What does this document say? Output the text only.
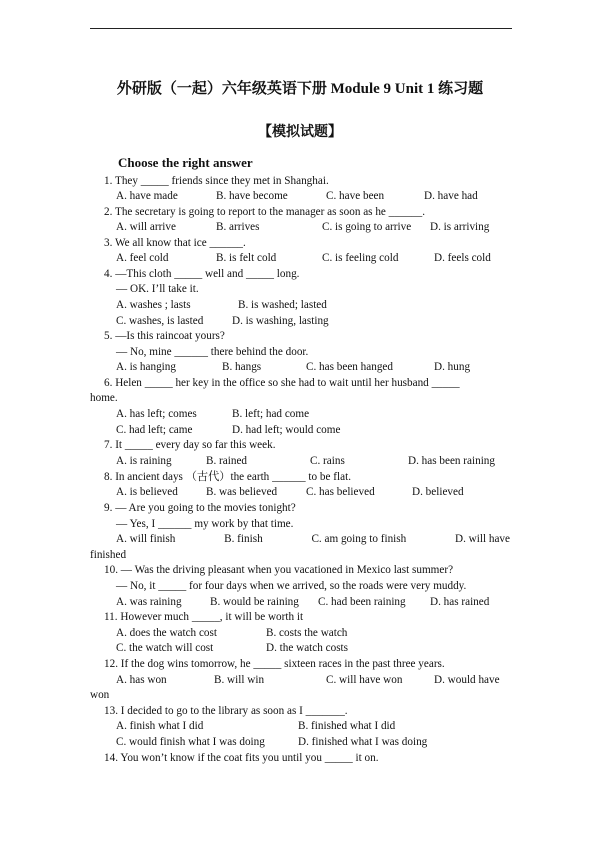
外研版（一起）六年级英语下册 Module 9 Unit 1 练习题
【模拟试题】
Choose the right answer
1. They _____ friends since they met in Shanghai.
A. have made	B. have become	C. have been	D. have had
2. The secretary is going to report to the manager as soon as he ______.
A. will arrive	B. arrives	C. is going to arrive D. is arriving
3. We all know that ice ______.
A. feel cold	B. is felt cold	C. is feeling cold	D. feels cold
4. —This cloth _____ well and _____ long.
— OK. I’ll take it.
A. washes ; lasts	B. is washed; lasted
C. washes, is lasted	D. is washing, lasting
5. —Is this raincoat yours?
— No, mine ______ there behind the door.
A. is hanging	B. hangs	C. has been hanged	D. hung
6. Helen _____ her key in the office so she had to wait until her husband _____
home.
A. has left; comes	B. left; had come
C. had left; came	D. had left; would come
7. It _____ every day so far this week.
A. is raining	B. rained	C. rains	D. has been raining
8. In ancient days （古代）the earth ______ to be flat.
A. is believed	B. was believed	C. has believed	D. believed
9. — Are you going to the movies tonight?
— Yes, I ______ my work by that time.
A. will finish	B. finish	C. am going to finish	D. will have
finished
10. — Was the driving pleasant when you vacationed in Mexico last summer?
— No, it _____ for four days when we arrived, so the roads were very muddy.
A. was raining	B. would be raining C. had been raining D. has rained
11. However much _____, it will be worth it
A. does the watch cost	B. costs the watch
C. the watch will cost	D. the watch costs
12. If the dog wins tomorrow, he _____ sixteen races in the past three years.
A. has won	B. will win	C. will have won	D. would have
won
13. I decided to go to the library as soon as I _______.
A. finish what I did	B. finished what I did
C. would finish what I was doing	D. finished what I was doing
14. You won’t know if the coat fits you until you _____ it on.
